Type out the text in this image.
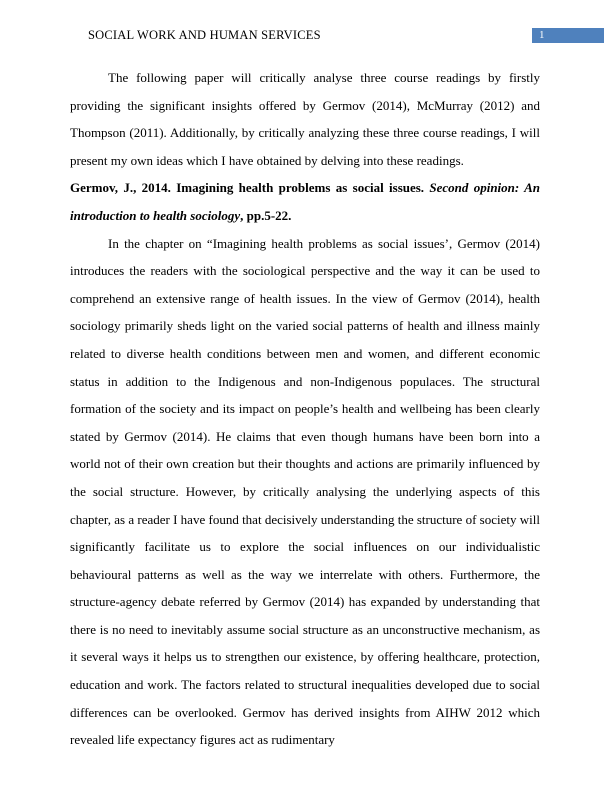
SOCIAL WORK AND HUMAN SERVICES	1

The following paper will critically analyse three course readings by firstly providing the significant insights offered by Germov (2014), McMurray (2012) and Thompson (2011). Additionally, by critically analyzing these three course readings, I will present my own ideas which I have obtained by delving into these readings.

Germov, J., 2014. Imagining health problems as social issues. Second opinion: An introduction to health sociology, pp.5-22.

In the chapter on “Imagining health problems as social issues’, Germov (2014) introduces the readers with the sociological perspective and the way it can be used to comprehend an extensive range of health issues. In the view of Germov (2014), health sociology primarily sheds light on the varied social patterns of health and illness mainly related to diverse health conditions between men and women, and different economic status in addition to the Indigenous and non-Indigenous populaces. The structural formation of the society and its impact on people’s health and wellbeing has been clearly stated by Germov (2014). He claims that even though humans have been born into a world not of their own creation but their thoughts and actions are primarily influenced by the social structure. However, by critically analysing the underlying aspects of this chapter, as a reader I have found that decisively understanding the structure of society will significantly facilitate us to explore the social influences on our individualistic behavioural patterns as well as the way we interrelate with others. Furthermore, the structure-agency debate referred by Germov (2014) has expanded by understanding that there is no need to inevitably assume social structure as an unconstructive mechanism, as it several ways it helps us to strengthen our existence, by offering healthcare, protection, education and work. The factors related to structural inequalities developed due to social differences can be overlooked. Germov has derived insights from AIHW 2012 which revealed life expectancy figures act as rudimentary
